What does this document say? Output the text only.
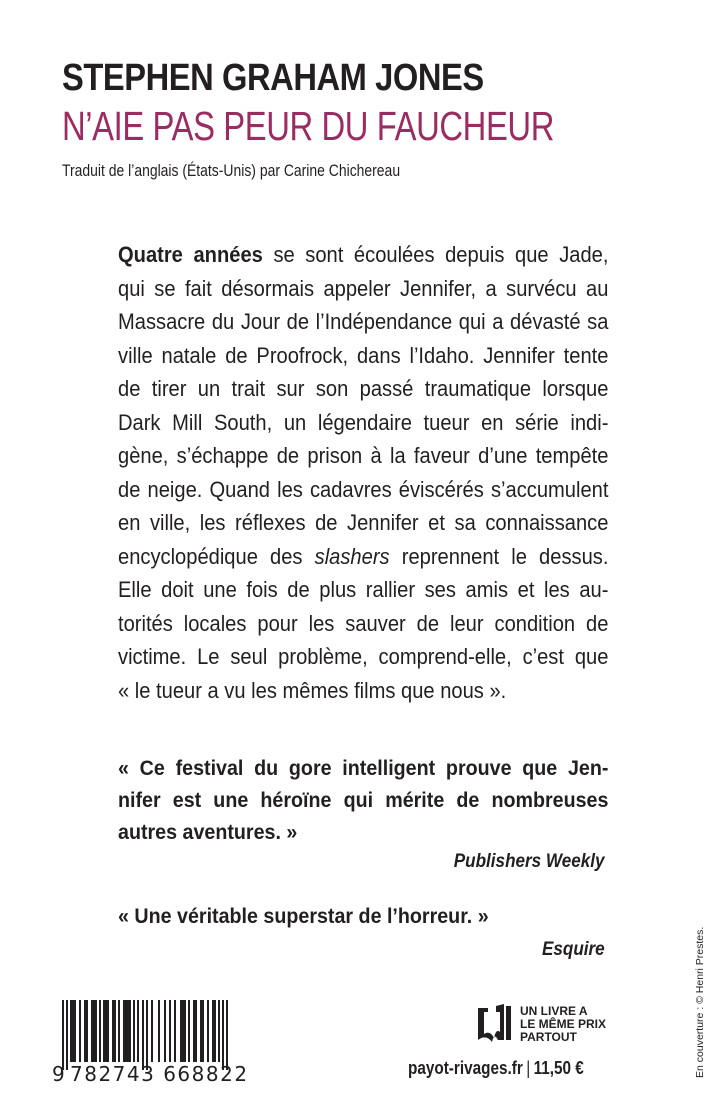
STEPHEN GRAHAM JONES
N’AIE PAS PEUR DU FAUCHEUR
Traduit de l’anglais (États-Unis) par Carine Chichereau
Quatre années se sont écoulées depuis que Jade,
qui se fait désormais appeler Jennifer, a survécu au
Massacre du Jour de l’Indépendance qui a dévasté sa
ville natale de Proofrock, dans l’Idaho. Jennifer tente
de tirer un trait sur son passé traumatique lorsque
Dark Mill South, un légendaire tueur en série indi-
gène, s’échappe de prison à la faveur d’une tempête
de neige. Quand les cadavres éviscérés s’accumulent
en ville, les réflexes de Jennifer et sa connaissance
encyclopédique des slashers reprennent le dessus.
Elle doit une fois de plus rallier ses amis et les au-
torités locales pour les sauver de leur condition de
victime. Le seul problème, comprend-elle, c’est que
« le tueur a vu les mêmes films que nous ».
« Ce festival du gore intelligent prouve que Jen-
nifer est une héroïne qui mérite de nombreuses
autres aventures. »
Publishers Weekly
« Une véritable superstar de l’horreur. »
Esquire
9 782743 668822
UN LIVRE A
LE MÊME PRIX
PARTOUT
payot-rivages.fr | 11,50 €	En couverture : © Henri Prestes.
